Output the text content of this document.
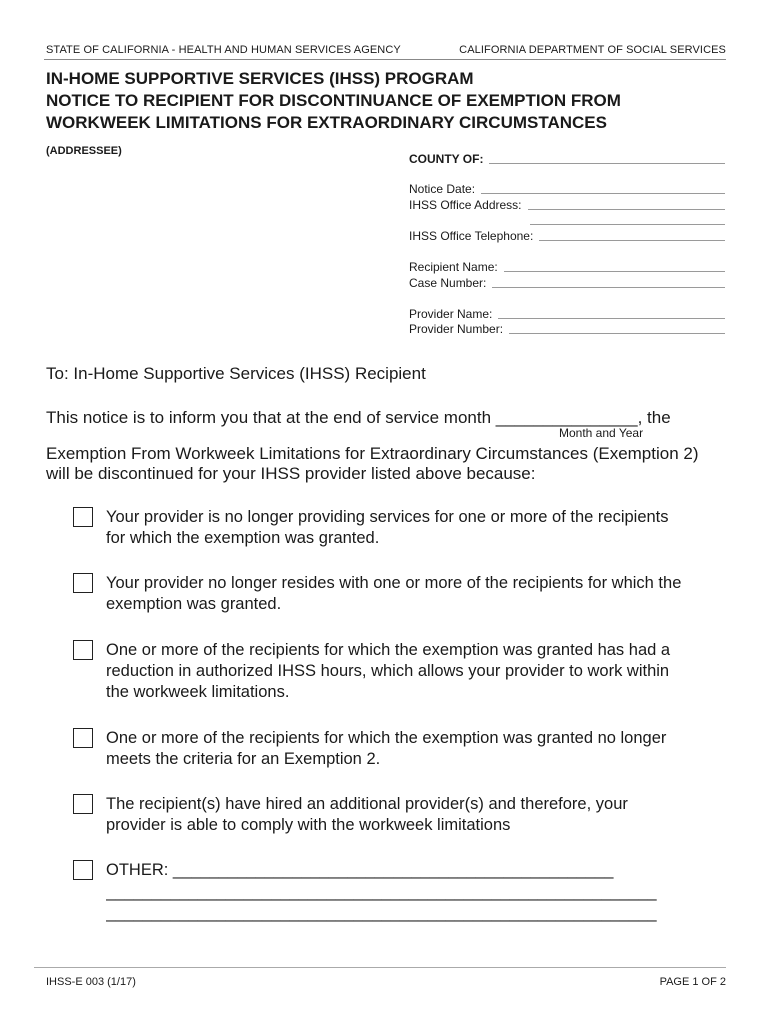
STATE OF CALIFORNIA - HEALTH AND HUMAN SERVICES AGENCY	CALIFORNIA DEPARTMENT OF SOCIAL SERVICES
IN-HOME SUPPORTIVE SERVICES (IHSS) PROGRAM
NOTICE TO RECIPIENT FOR DISCONTINUANCE OF EXEMPTION FROM
WORKWEEK LIMITATIONS FOR EXTRAORDINARY CIRCUMSTANCES
(ADDRESSEE)
COUNTY OF:
Notice Date:
IHSS Office Address:
IHSS Office Telephone:
Recipient Name:
Case Number:
Provider Name:
Provider Number:
To: In-Home Supportive Services (IHSS) Recipient
This notice is to inform you that at the end of service month _______________, the
Month and Year
Exemption From Workweek Limitations for Extraordinary Circumstances (Exemption 2)
will be discontinued for your IHSS provider listed above because:
Your provider is no longer providing services for one or more of the recipients
for which the exemption was granted.
Your provider no longer resides with one or more of the recipients for which the
exemption was granted.
One or more of the recipients for which the exemption was granted has had a
reduction in authorized IHSS hours, which allows your provider to work within
the workweek limitations.
One or more of the recipients for which the exemption was granted no longer
meets the criteria for an Exemption 2.
The recipient(s) have hired an additional provider(s) and therefore, your
provider is able to comply with the workweek limitations
OTHER: ________________________________________________
____________________________________________________________
____________________________________________________________
IHSS-E 003 (1/17)	PAGE 1 OF 2
